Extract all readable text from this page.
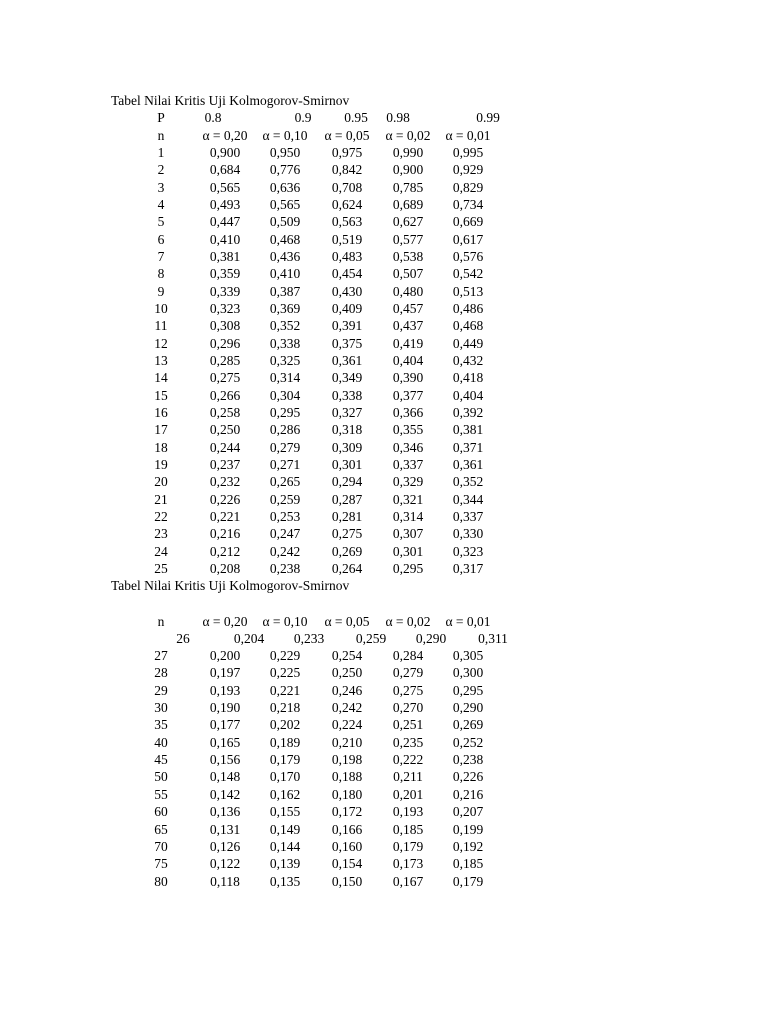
Tabel Nilai Kritis Uji Kolmogorov-Smirnov
P	0.8	0.9	0.95	0.98	0.99
n	α = 0,20	α = 0,10	α = 0,05	α = 0,02	α = 0,01
1	0,900	0,950	0,975	0,990	0,995
2	0,684	0,776	0,842	0,900	0,929
3	0,565	0,636	0,708	0,785	0,829
4	0,493	0,565	0,624	0,689	0,734
5	0,447	0,509	0,563	0,627	0,669
6	0,410	0,468	0,519	0,577	0,617
7	0,381	0,436	0,483	0,538	0,576
8	0,359	0,410	0,454	0,507	0,542
9	0,339	0,387	0,430	0,480	0,513
10	0,323	0,369	0,409	0,457	0,486
11	0,308	0,352	0,391	0,437	0,468
12	0,296	0,338	0,375	0,419	0,449
13	0,285	0,325	0,361	0,404	0,432
14	0,275	0,314	0,349	0,390	0,418
15	0,266	0,304	0,338	0,377	0,404
16	0,258	0,295	0,327	0,366	0,392
17	0,250	0,286	0,318	0,355	0,381
18	0,244	0,279	0,309	0,346	0,371
19	0,237	0,271	0,301	0,337	0,361
20	0,232	0,265	0,294	0,329	0,352
21	0,226	0,259	0,287	0,321	0,344
22	0,221	0,253	0,281	0,314	0,337
23	0,216	0,247	0,275	0,307	0,330
24	0,212	0,242	0,269	0,301	0,323
25	0,208	0,238	0,264	0,295	0,317
Tabel Nilai Kritis Uji Kolmogorov-Smirnov
n	α = 0,20	α = 0,10	α = 0,05	α = 0,02	α = 0,01
26	0,204	0,233	0,259	0,290	0,311
27	0,200	0,229	0,254	0,284	0,305
28	0,197	0,225	0,250	0,279	0,300
29	0,193	0,221	0,246	0,275	0,295
30	0,190	0,218	0,242	0,270	0,290
35	0,177	0,202	0,224	0,251	0,269
40	0,165	0,189	0,210	0,235	0,252
45	0,156	0,179	0,198	0,222	0,238
50	0,148	0,170	0,188	0,211	0,226
55	0,142	0,162	0,180	0,201	0,216
60	0,136	0,155	0,172	0,193	0,207
65	0,131	0,149	0,166	0,185	0,199
70	0,126	0,144	0,160	0,179	0,192
75	0,122	0,139	0,154	0,173	0,185
80	0,118	0,135	0,150	0,167	0,179
